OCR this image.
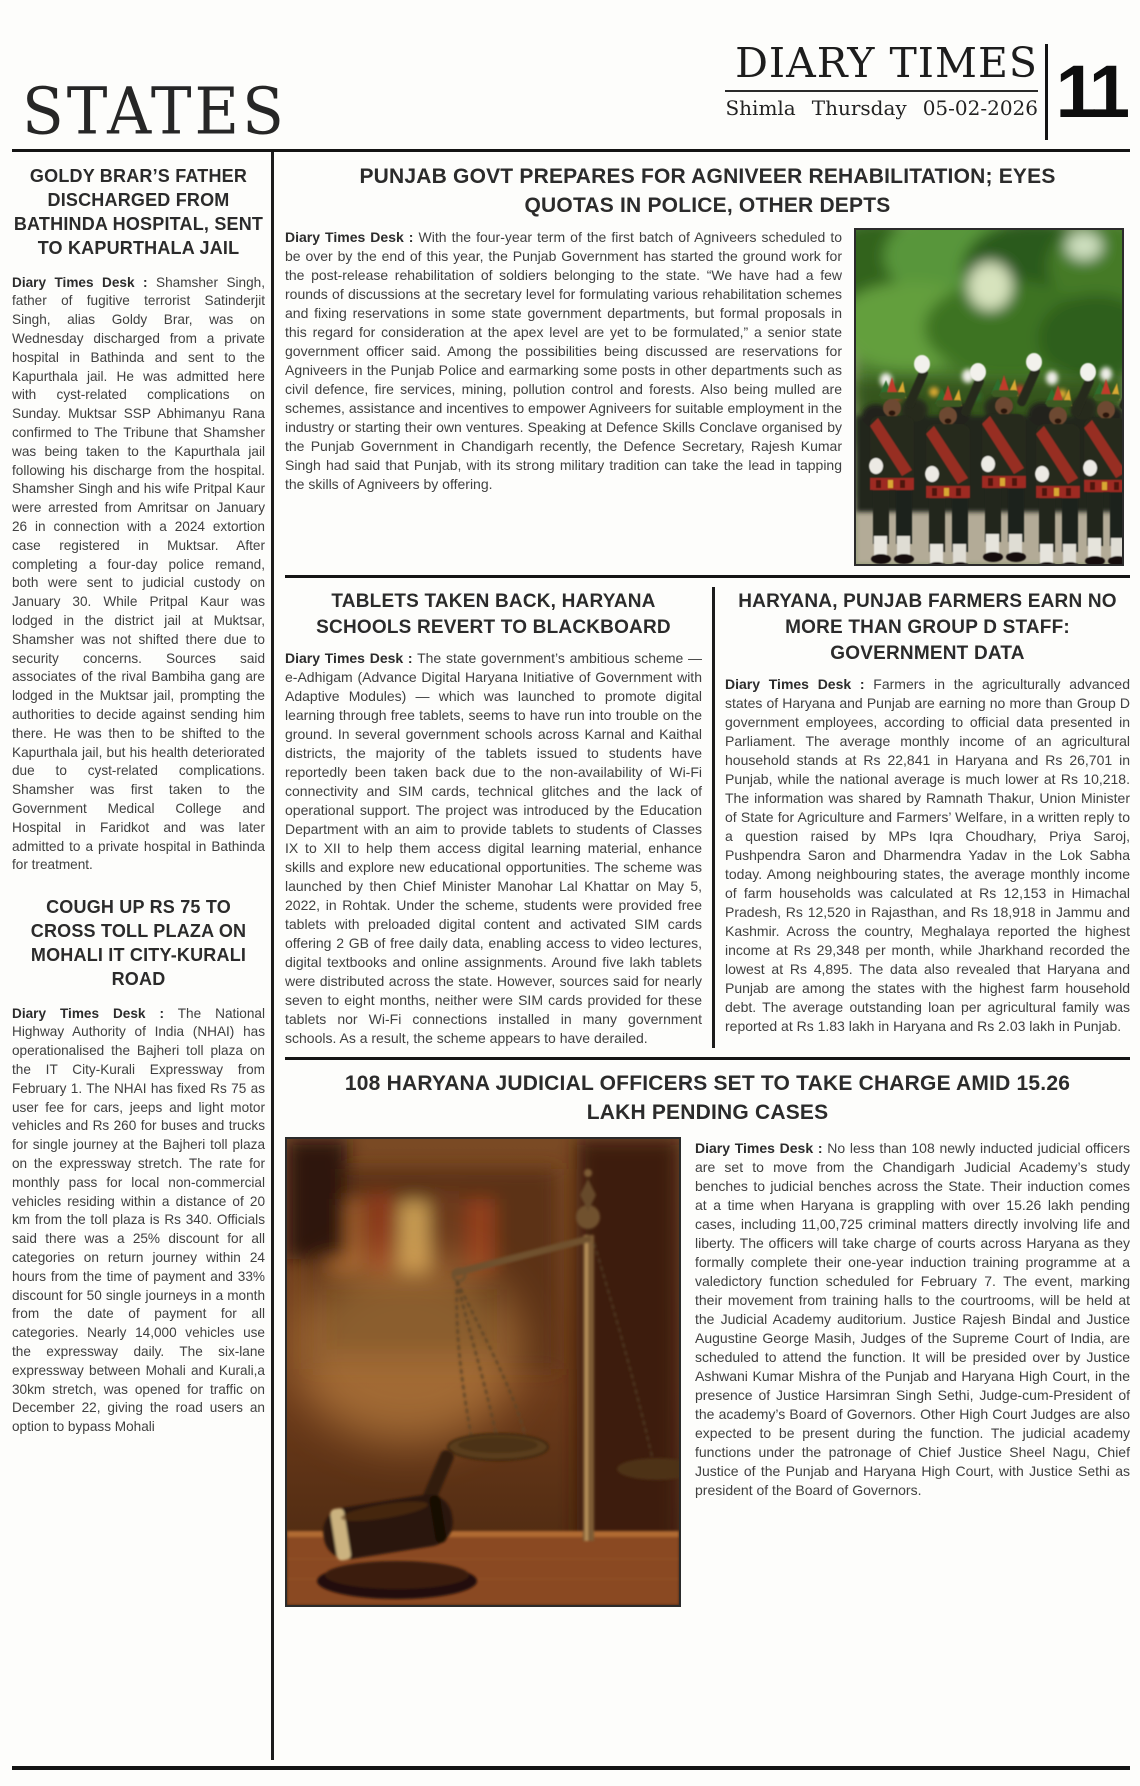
STATES
DIARY TIMES
Shimla Thursday 05-02-2026 11
GOLDY BRAR’S FATHER DISCHARGED FROM BATHINDA HOSPITAL, SENT TO KAPURTHALA JAIL

Diary Times Desk : Shamsher Singh, father of fugitive terrorist Satinderjit Singh, alias Goldy Brar, was on Wednesday discharged from a private hospital in Bathinda and sent to the Kapurthala jail. He was admitted here with cyst-related complications on Sunday. Muktsar SSP Abhimanyu Rana confirmed to The Tribune that Shamsher was being taken to the Kapurthala jail following his discharge from the hospital. Shamsher Singh and his wife Pritpal Kaur were arrested from Amritsar on January 26 in connection with a 2024 extortion case registered in Muktsar. After completing a four-day police remand, both were sent to judicial custody on January 30. While Pritpal Kaur was lodged in the district jail at Muktsar, Shamsher was not shifted there due to security concerns. Sources said associates of the rival Bambiha gang are lodged in the Muktsar jail, prompting the authorities to decide against sending him there. He was then to be shifted to the Kapurthala jail, but his health deteriorated due to cyst-related complications. Shamsher was first taken to the Government Medical College and Hospital in Faridkot and was later admitted to a private hospital in Bathinda for treatment.

COUGH UP RS 75 TO CROSS TOLL PLAZA ON MOHALI IT CITY-KURALI ROAD

Diary Times Desk : The National Highway Authority of India (NHAI) has operationalised the Bajheri toll plaza on the IT City-Kurali Expressway from February 1. The NHAI has fixed Rs 75 as user fee for cars, jeeps and light motor vehicles and Rs 260 for buses and trucks for single journey at the Bajheri toll plaza on the expressway stretch. The rate for monthly pass for local non-commercial vehicles residing within a distance of 20 km from the toll plaza is Rs 340. Officials said there was a 25% discount for all categories on return journey within 24 hours from the time of payment and 33% discount for 50 single journeys in a month from the date of payment for all categories. Nearly 14,000 vehicles use the expressway daily. The six-lane expressway between Mohali and Kurali,a 30km stretch, was opened for traffic on December 22, giving the road users an option to bypass Mohali

PUNJAB GOVT PREPARES FOR AGNIVEER REHABILITATION; EYES QUOTAS IN POLICE, OTHER DEPTS

Diary Times Desk : With the four-year term of the first batch of Agniveers scheduled to be over by the end of this year, the Punjab Government has started the ground work for the post-release rehabilitation of soldiers belonging to the state. “We have had a few rounds of discussions at the secretary level for formulating various rehabilitation schemes and fixing reservations in some state government departments, but formal proposals in this regard for consideration at the apex level are yet to be formulated,” a senior state government officer said. Among the possibilities being discussed are reservations for Agniveers in the Punjab Police and earmarking some posts in other departments such as civil defence, fire services, mining, pollution control and forests. Also being mulled are schemes, assistance and incentives to empower Agniveers for suitable employment in the industry or starting their own ventures. Speaking at Defence Skills Conclave organised by the Punjab Government in Chandigarh recently, the Defence Secretary, Rajesh Kumar Singh had said that Punjab, with its strong military tradition can take the lead in tapping the skills of Agniveers by offering.

TABLETS TAKEN BACK, HARYANA SCHOOLS REVERT TO BLACKBOARD

Diary Times Desk : The state government’s ambitious scheme — e-Adhigam (Advance Digital Haryana Initiative of Government with Adaptive Modules) — which was launched to promote digital learning through free tablets, seems to have run into trouble on the ground. In several government schools across Karnal and Kaithal districts, the majority of the tablets issued to students have reportedly been taken back due to the non-availability of Wi-Fi connectivity and SIM cards, technical glitches and the lack of operational support. The project was introduced by the Education Department with an aim to provide tablets to students of Classes IX to XII to help them access digital learning material, enhance skills and explore new educational opportunities. The scheme was launched by then Chief Minister Manohar Lal Khattar on May 5, 2022, in Rohtak. Under the scheme, students were provided free tablets with preloaded digital content and activated SIM cards offering 2 GB of free daily data, enabling access to video lectures, digital textbooks and online assignments. Around five lakh tablets were distributed across the state. However, sources said for nearly seven to eight months, neither were SIM cards provided for these tablets nor Wi-Fi connections installed in many government schools. As a result, the scheme appears to have derailed.

HARYANA, PUNJAB FARMERS EARN NO MORE THAN GROUP D STAFF: GOVERNMENT DATA

Diary Times Desk : Farmers in the agriculturally advanced states of Haryana and Punjab are earning no more than Group D government employees, according to official data presented in Parliament. The average monthly income of an agricultural household stands at Rs 22,841 in Haryana and Rs 26,701 in Punjab, while the national average is much lower at Rs 10,218. The information was shared by Ramnath Thakur, Union Minister of State for Agriculture and Farmers’ Welfare, in a written reply to a question raised by MPs Iqra Choudhary, Priya Saroj, Pushpendra Saron and Dharmendra Yadav in the Lok Sabha today. Among neighbouring states, the average monthly income of farm households was calculated at Rs 12,153 in Himachal Pradesh, Rs 12,520 in Rajasthan, and Rs 18,918 in Jammu and Kashmir. Across the country, Meghalaya reported the highest income at Rs 29,348 per month, while Jharkhand recorded the lowest at Rs 4,895. The data also revealed that Haryana and Punjab are among the states with the highest farm household debt. The average outstanding loan per agricultural family was reported at Rs 1.83 lakh in Haryana and Rs 2.03 lakh in Punjab.

108 HARYANA JUDICIAL OFFICERS SET TO TAKE CHARGE AMID 15.26 LAKH PENDING CASES

Diary Times Desk : No less than 108 newly inducted judicial officers are set to move from the Chandigarh Judicial Academy’s study benches to judicial benches across the State. Their induction comes at a time when Haryana is grappling with over 15.26 lakh pending cases, including 11,00,725 criminal matters directly involving life and liberty. The officers will take charge of courts across Haryana as they formally complete their one-year induction training programme at a valedictory function scheduled for February 7. The event, marking their movement from training halls to the courtrooms, will be held at the Judicial Academy auditorium. Justice Rajesh Bindal and Justice Augustine George Masih, Judges of the Supreme Court of India, are scheduled to attend the function. It will be presided over by Justice Ashwani Kumar Mishra of the Punjab and Haryana High Court, in the presence of Justice Harsimran Singh Sethi, Judge-cum-President of the academy’s Board of Governors. Other High Court Judges are also expected to be present during the function. The judicial academy functions under the patronage of Chief Justice Sheel Nagu, Chief Justice of the Punjab and Haryana High Court, with Justice Sethi as president of the Board of Governors.
